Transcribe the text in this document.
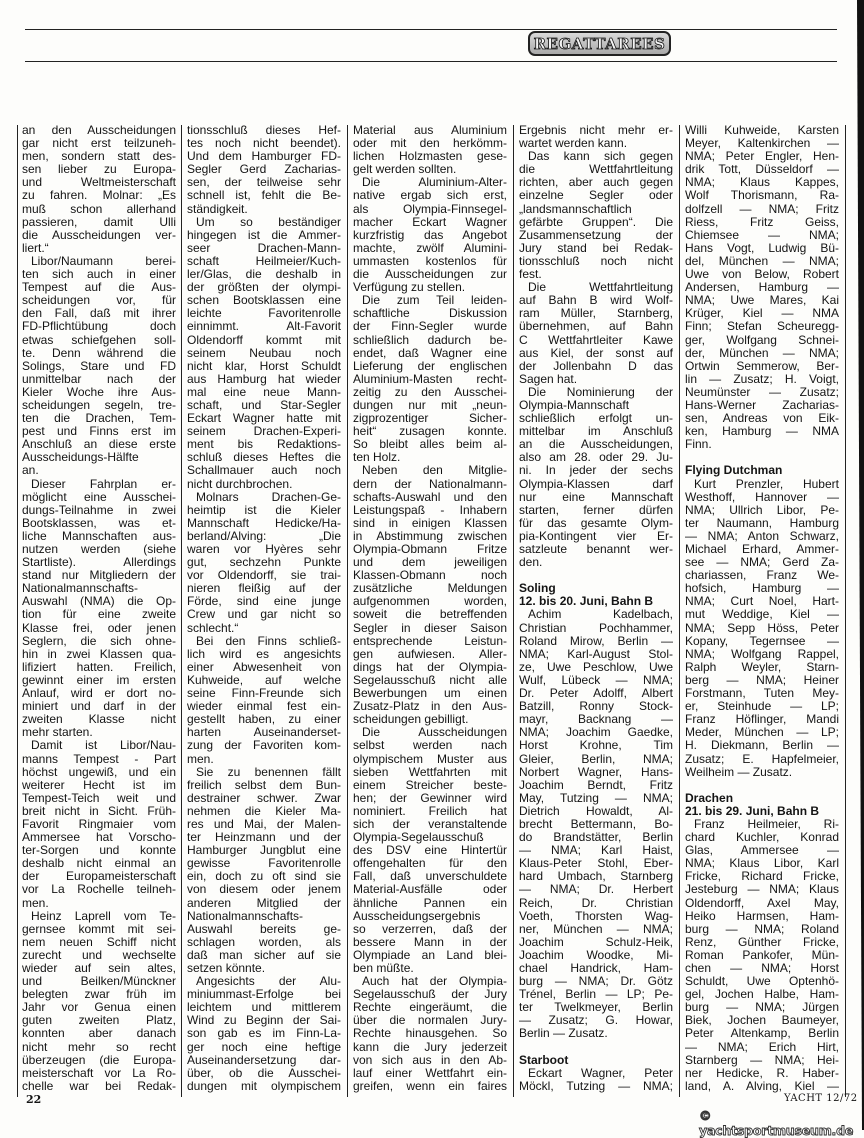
REGATTAREES
an den Ausscheidungen
gar nicht erst teilzuneh-
men, sondern statt des-
sen lieber zu Europa-
und Weltmeisterschaft
zu fahren. Molnar: „Es
muß schon allerhand
passieren, damit Ulli
die Ausscheidungen ver-
liert.“
Libor/Naumann berei-
ten sich auch in einer
Tempest auf die Aus-
scheidungen vor, für
den Fall, daß mit ihrer
FD-Pflichtübung doch
etwas schiefgehen soll-
te. Denn während die
Solings, Stare und FD
unmittelbar nach der
Kieler Woche ihre Aus-
scheidungen segeln, tre-
ten die Drachen, Tem-
pest und Finns erst im
Anschluß an diese erste
Ausscheidungs-Hälfte
an.
Dieser Fahrplan er-
möglicht eine Ausschei-
dungs-Teilnahme in zwei
Bootsklassen, was et-
liche Mannschaften aus-
nutzen werden (siehe
Startliste). Allerdings
stand nur Mitgliedern der
Nationalmannschafts-
Auswahl (NMA) die Op-
tion für eine zweite
Klasse frei, oder jenen
Seglern, die sich ohne-
hin in zwei Klassen qua-
lifiziert hatten. Freilich,
gewinnt einer im ersten
Anlauf, wird er dort no-
miniert und darf in der
zweiten Klasse nicht
mehr starten.
Damit ist Libor/Nau-
manns Tempest - Part
höchst ungewiß, und ein
weiterer Hecht ist im
Tempest-Teich weit und
breit nicht in Sicht. Früh-
Favorit Ringmaier vom
Ammersee hat Vorscho-
ter-Sorgen und konnte
deshalb nicht einmal an
der Europameisterschaft
vor La Rochelle teilneh-
men.
Heinz Laprell vom Te-
gernsee kommt mit sei-
nem neuen Schiff nicht
zurecht und wechselte
wieder auf sein altes,
und Beilken/Münckner
belegten zwar früh im
Jahr vor Genua einen
guten zweiten Platz,
konnten aber danach
nicht mehr so recht
überzeugen (die Europa-
meisterschaft vor La Ro-
chelle war bei Redak-
tionsschluß dieses Hef-
tes noch nicht beendet).
Und dem Hamburger FD-
Segler Gerd Zacharias-
sen, der teilweise sehr
schnell ist, fehlt die Be-
ständigkeit.
Um so beständiger
hingegen ist die Ammer-
seer Drachen-Mann-
schaft Heilmeier/Kuch-
ler/Glas, die deshalb in
der größten der olympi-
schen Bootsklassen eine
leichte Favoritenrolle
einnimmt. Alt-Favorit
Oldendorff kommt mit
seinem Neubau noch
nicht klar, Horst Schuldt
aus Hamburg hat wieder
mal eine neue Mann-
schaft, und Star-Segler
Eckart Wagner hatte mit
seinem Drachen-Experi-
ment bis Redaktions-
schluß dieses Heftes die
Schallmauer auch noch
nicht durchbrochen.
Molnars Drachen-Ge-
heimtip ist die Kieler
Mannschaft Hedicke/Ha-
berland/Alving: „Die
waren vor Hyères sehr
gut, sechzehn Punkte
vor Oldendorff, sie trai-
nieren fleißig auf der
Förde, sind eine junge
Crew und gar nicht so
schlecht.“
Bei den Finns schließ-
lich wird es angesichts
einer Abwesenheit von
Kuhweide, auf welche
seine Finn-Freunde sich
wieder einmal fest ein-
gestellt haben, zu einer
harten Auseinanderset-
zung der Favoriten kom-
men.
Sie zu benennen fällt
freilich selbst dem Bun-
destrainer schwer. Zwar
nehmen die Kieler Ma-
res und Mai, der Malen-
ter Heinzmann und der
Hamburger Jungblut eine
gewisse Favoritenrolle
ein, doch zu oft sind sie
von diesem oder jenem
anderen Mitglied der
Nationalmannschafts-
Auswahl bereits ge-
schlagen worden, als
daß man sicher auf sie
setzen könnte.
Angesichts der Alu-
miniummast-Erfolge bei
leichtem und mittlerem
Wind zu Beginn der Sai-
son gab es im Finn-La-
ger noch eine heftige
Auseinandersetzung dar-
über, ob die Ausschei-
dungen mit olympischem
Material aus Aluminium
oder mit den herkömm-
lichen Holzmasten gese-
gelt werden sollten.
Die Aluminium-Alter-
native ergab sich erst,
als Olympia-Finnsegel-
macher Eckart Wagner
kurzfristig das Angebot
machte, zwölf Alumini-
ummasten kostenlos für
die Ausscheidungen zur
Verfügung zu stellen.
Die zum Teil leiden-
schaftliche Diskussion
der Finn-Segler wurde
schließlich dadurch be-
endet, daß Wagner eine
Lieferung der englischen
Aluminium-Masten recht-
zeitig zu den Ausschei-
dungen nur mit „neun-
zigprozentiger Sicher-
heit“ zusagen konnte.
So bleibt alles beim al-
ten Holz.
Neben den Mitglie-
dern der Nationalmann-
schafts-Auswahl und den
Leistungspaß - Inhabern
sind in einigen Klassen
in Abstimmung zwischen
Olympia-Obmann Fritze
und dem jeweiligen
Klassen-Obmann noch
zusätzliche Meldungen
aufgenommen worden,
soweit die betreffenden
Segler in dieser Saison
entsprechende Leistun-
gen aufwiesen. Aller-
dings hat der Olympia-
Segelausschuß nicht alle
Bewerbungen um einen
Zusatz-Platz in den Aus-
scheidungen gebilligt.
Die Ausscheidungen
selbst werden nach
olympischem Muster aus
sieben Wettfahrten mit
einem Streicher beste-
hen; der Gewinner wird
nominiert. Freilich hat
sich der veranstaltende
Olympia-Segelausschuß
des DSV eine Hintertür
offengehalten für den
Fall, daß unverschuldete
Material-Ausfälle oder
ähnliche Pannen ein
Ausscheidungsergebnis
so verzerren, daß der
bessere Mann in der
Olympiade an Land blei-
ben müßte.
Auch hat der Olympia-
Segelausschuß der Jury
Rechte eingeräumt, die
über die normalen Jury-
Rechte hinausgehen. So
kann die Jury jederzeit
von sich aus in den Ab-
lauf einer Wettfahrt ein-
greifen, wenn ein faires
Ergebnis nicht mehr er-
wartet werden kann.
Das kann sich gegen
die Wettfahrtleitung
richten, aber auch gegen
einzelne Segler oder
„landsmannschaftlich
gefärbte Gruppen“. Die
Zusammensetzung der
Jury stand bei Redak-
tionsschluß noch nicht
fest.
Die Wettfahrtleitung
auf Bahn B wird Wolf-
ram Müller, Starnberg,
übernehmen, auf Bahn
C Wettfahrtleiter Kawe
aus Kiel, der sonst auf
der Jollenbahn D das
Sagen hat.
Die Nominierung der
Olympia-Mannschaft
schließlich erfolgt un-
mittelbar im Anschluß
an die Ausscheidungen,
also am 28. oder 29. Ju-
ni. In jeder der sechs
Olympia-Klassen darf
nur eine Mannschaft
starten, ferner dürfen
für das gesamte Olym-
pia-Kontingent vier Er-
satzleute benannt wer-
den.
Soling
12. bis 20. Juni, Bahn B
Achim Kadelbach,
Christian Pochhammer,
Roland Mirow, Berlin —
NMA; Karl-August Stol-
ze, Uwe Peschlow, Uwe
Wulf, Lübeck — NMA;
Dr. Peter Adolff, Albert
Batzill, Ronny Stock-
mayr, Backnang —
NMA; Joachim Gaedke,
Horst Krohne, Tim
Gleier, Berlin, NMA;
Norbert Wagner, Hans-
Joachim Berndt, Fritz
May, Tutzing — NMA;
Dietrich Howaldt, Al-
brecht Bettermann, Bo-
do Brandstätter, Berlin
— NMA; Karl Haist,
Klaus-Peter Stohl, Eber-
hard Umbach, Starnberg
— NMA; Dr. Herbert
Reich, Dr. Christian
Voeth, Thorsten Wag-
ner, München — NMA;
Joachim Schulz-Heik,
Joachim Woodke, Mi-
chael Handrick, Ham-
burg — NMA; Dr. Götz
Trénel, Berlin — LP; Pe-
ter Twelkmeyer, Berlin
— Zusatz; G. Howar,
Berlin — Zusatz.
Starboot
Eckart Wagner, Peter
Möckl, Tutzing — NMA;
Willi Kuhweide, Karsten
Meyer, Kaltenkirchen —
NMA; Peter Engler, Hen-
drik Tott, Düsseldorf —
NMA; Klaus Kappes,
Wolf Thorismann, Ra-
dolfzell — NMA; Fritz
Riess, Fritz Geiss,
Chiemsee — NMA;
Hans Vogt, Ludwig Bü-
del, München — NMA;
Uwe von Below, Robert
Andersen, Hamburg —
NMA; Uwe Mares, Kai
Krüger, Kiel — NMA
Finn; Stefan Scheuregg-
ger, Wolfgang Schnei-
der, München — NMA;
Ortwin Semmerow, Ber-
lin — Zusatz; H. Voigt,
Neumünster — Zusatz;
Hans-Werner Zacharias-
sen, Andreas von Eik-
ken, Hamburg — NMA
Finn.
Flying Dutchman
Kurt Prenzler, Hubert
Westhoff, Hannover —
NMA; Ullrich Libor, Pe-
ter Naumann, Hamburg
— NMA; Anton Schwarz,
Michael Erhard, Ammer-
see — NMA; Gerd Za-
chariassen, Franz We-
hofsich, Hamburg —
NMA; Curt Noel, Hart-
mut Weddige, Kiel —
NMA; Sepp Höss, Peter
Kopany, Tegernsee —
NMA; Wolfgang Rappel,
Ralph Weyler, Starn-
berg — NMA; Heiner
Forstmann, Tuten Mey-
er, Steinhude — LP;
Franz Höflinger, Mandi
Meder, München — LP;
H. Diekmann, Berlin —
Zusatz; E. Hapfelmeier,
Weilheim — Zusatz.
Drachen
21. bis 29. Juni, Bahn B
Franz Heilmeier, Ri-
chard Kuchler, Konrad
Glas, Ammersee —
NMA; Klaus Libor, Karl
Fricke, Richard Fricke,
Jesteburg — NMA; Klaus
Oldendorff, Axel May,
Heiko Harmsen, Ham-
burg — NMA; Roland
Renz, Günther Fricke,
Roman Pankofer, Mün-
chen — NMA; Horst
Schuldt, Uwe Optenhö-
gel, Jochen Halbe, Ham-
burg — NMA; Jürgen
Biek, Jochen Baumeyer,
Peter Altenkamp, Berlin
— NMA; Erich Hirt,
Starnberg — NMA; Hei-
ner Hedicke, R. Haber-
land, A. Alving, Kiel —
22	YACHT 12/72
© yachtsportmuseum.de
